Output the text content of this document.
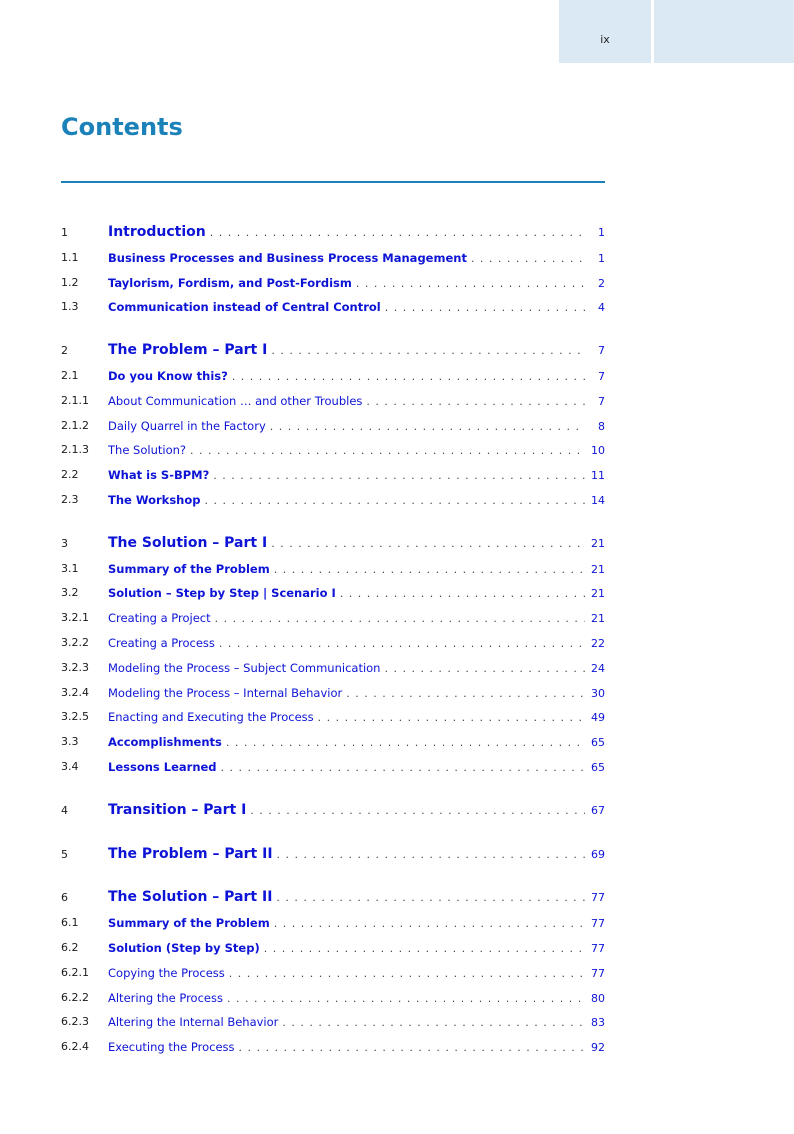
ix
Contents
1	Introduction . . .	1
1.1	Business Processes and Business Process Management . . .	1
1.2	Taylorism, Fordism, and Post-Fordism . . .	2
1.3	Communication instead of Central Control . . .	4
2	The Problem – Part I . . .	7
2.1	Do you Know this? . . .	7
2.1.1 About Communication … and other Troubles . . .	7
2.1.2 Daily Quarrel in the Factory . . .	8
2.1.3 The Solution? . . .	10
2.2	What is S-BPM? . . .	11
2.3	The Workshop . . .	14
3	The Solution – Part I . . .	21
3.1	Summary of the Problem . . .	21
3.2	Solution – Step by Step | Scenario I . . .	21
3.2.1 Creating a Project . . .	21
3.2.2 Creating a Process . . .	22
3.2.3 Modeling the Process – Subject Communication . . .	24
3.2.4 Modeling the Process – Internal Behavior . . .	30
3.2.5 Enacting and Executing the Process . . .	49
3.3	Accomplishments . . .	65
3.4	Lessons Learned . . .	65
4	Transition – Part I . . .	67
5	The Problem – Part II . . .	69
6	The Solution – Part II . . .	77
6.1	Summary of the Problem . . .	77
6.2	Solution (Step by Step) . . .	77
6.2.1 Copying the Process . . .	77
6.2.2 Altering the Process . . .	80
6.2.3 Altering the Internal Behavior . . .	83
6.2.4 Executing the Process . . .	92
